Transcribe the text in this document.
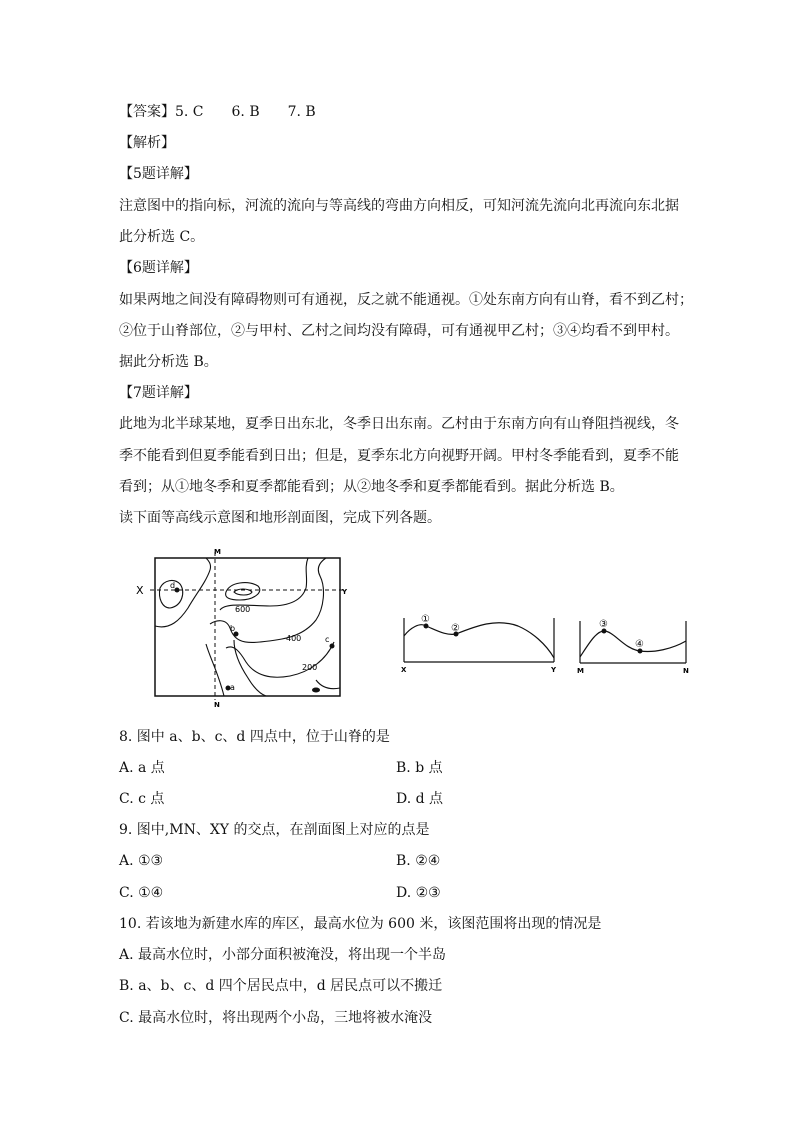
【答案】5. C　　6. B　　7. B
【解析】
【5题详解】
注意图中的指向标，河流的流向与等高线的弯曲方向相反，可知河流先流向北再流向东北据
此分析选 C。
【6题详解】
如果两地之间没有障碍物则可有通视，反之就不能通视。①处东南方向有山脊，看不到乙村；
②位于山脊部位，②与甲村、乙村之间均没有障碍，可有通视甲乙村；③④均看不到甲村。
据此分析选 B。
【7题详解】
此地为北半球某地，夏季日出东北，冬季日出东南。乙村由于东南方向有山脊阻挡视线，冬
季不能看到但夏季能看到日出；但是，夏季东北方向视野开阔。甲村冬季能看到，夏季不能
看到；从①地冬季和夏季都能看到；从②地冬季和夏季都能看到。据此分析选 B。
读下面等高线示意图和地形剖面图，完成下列各题。
M
N
X	Y
600
400
200
a
b
c
d
①
②
X	Y
③
④
M	N
8. 图中 a、b、c、d 四点中，位于山脊的是
A. a 点	B. b 点
C. c 点	D. d 点
9. 图中,MN、XY 的交点，在剖面图上对应的点是
A. ①③	B. ②④
C. ①④	D. ②③
10. 若该地为新建水库的库区，最高水位为 600 米，该图范围将出现的情况是
A. 最高水位时，小部分面积被淹没，将出现一个半岛
B. a、b、c、d 四个居民点中，d 居民点可以不搬迁
C. 最高水位时，将出现两个小岛，三地将被水淹没
